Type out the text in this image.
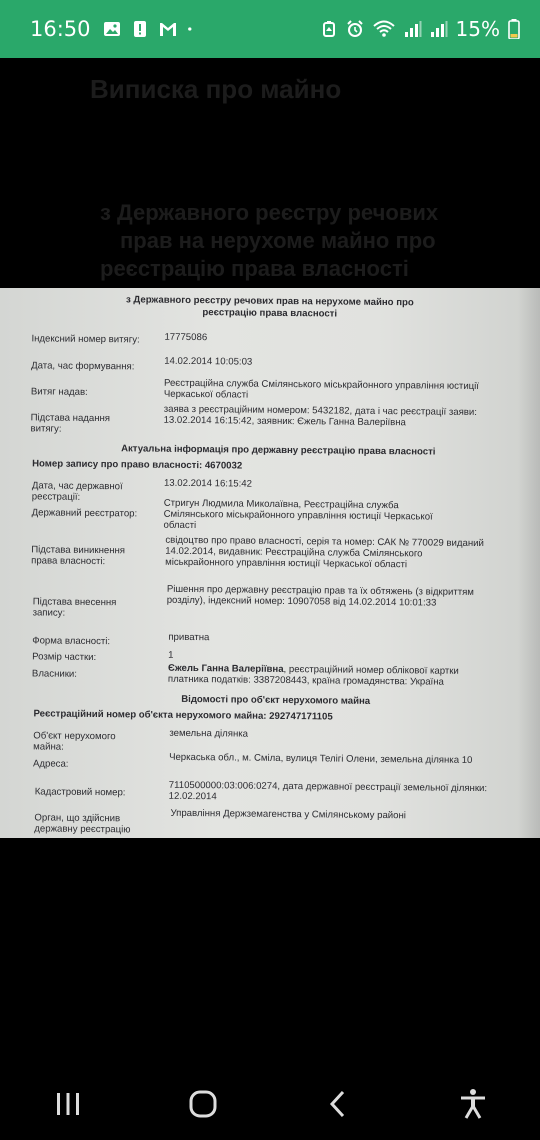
16:50	15%
Виписка про майно
з Державного реєстру речових
прав на нерухоме майно про
реєстрацію права власності
з Державного реєстру речових прав на нерухоме майно про
реєстрацію права власності
Індексний номер витягу:	17775086
Дата, час формування:	14.02.2014 10:05:03
Витяг надав:
Реєстраційна служба Смілянського міськрайонного управління юстиції Черкаської області
Підстава надання витягу:
заява з реєстраційним номером: 5432182, дата і час реєстрації заяви: 13.02.2014 16:15:42, заявник: Єжель Ганна Валеріївна
Актуальна інформація про державну реєстрацію права власності
Номер запису про право власності: 4670032
Дата, час державної реєстрації:
13.02.2014 16:15:42
Державний реєстратор:
Стригун Людмила Миколаївна, Реєстраційна служба Смілянського міськрайонного управління юстиції Черкаської області
Підстава виникнення права власності:
свідоцтво про право власності, серія та номер: САК № 770029 виданий 14.02.2014, видавник: Реєстраційна служба Смілянського міськрайонного управління юстиції Черкаської області
Підстава внесення запису:
Рішення про державну реєстрацію прав та їх обтяжень (з відкриттям розділу), індексний номер: 10907058 від 14.02.2014 10:01:33
Форма власності:	приватна
Розмір частки:	1
Власники:	Єжель Ганна Валеріївна, реєстраційний номер облікової картки платника податків: 3387208443, країна громадянства: Україна
Відомості про об'єкт нерухомого майна
Реєстраційний номер об'єкта нерухомого майна: 292747171105
Об'єкт нерухомого майна:
земельна ділянка
Адреса:	Черкаська обл., м. Сміла, вулиця Телігі Олени, земельна ділянка 10
Кадастровий номер:	7110500000:03:006:0274, дата державної реєстрації земельної ділянки: 12.02.2014
Орган, що здійснив державну реєстрацію
Управління Держземагенства у Смілянському районі
